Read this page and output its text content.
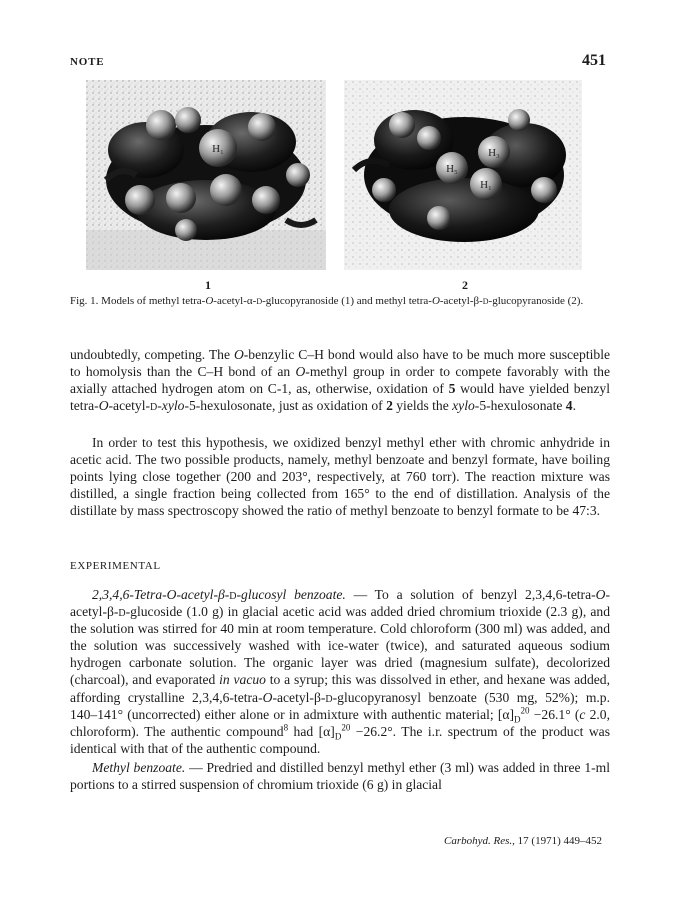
NOTE	451
H₁	H₃
H₅
H₁
1	2
Fig. 1. Models of methyl tetra-O-acetyl-α-d-glucopyranoside (1) and methyl tetra-O-acetyl-β-d-glucopyranoside (2).

undoubtedly, competing. The O-benzylic C–H bond would also have to be much more susceptible to homolysis than the C–H bond of an O-methyl group in order to compete favorably with the axially attached hydrogen atom on C-1, as, otherwise, oxidation of 5 would have yielded benzyl tetra-O-acetyl-d-xylo-5-hexulosonate, just as oxidation of 2 yields the xylo-5-hexulosonate 4.

In order to test this hypothesis, we oxidized benzyl methyl ether with chromic anhydride in acetic acid. The two possible products, namely, methyl benzoate and benzyl formate, have boiling points lying close together (200 and 203°, respectively, at 760 torr). The reaction mixture was distilled, a single fraction being collected from 165° to the end of distillation. Analysis of the distillate by mass spectroscopy showed the ratio of methyl benzoate to benzyl formate to be 47:3.

EXPERIMENTAL

2,3,4,6-Tetra-O-acetyl-β-d-glucosyl benzoate. — To a solution of benzyl 2,3,4,6-tetra-O-acetyl-β-d-glucoside (1.0 g) in glacial acetic acid was added dried chromium trioxide (2.3 g), and the solution was stirred for 40 min at room temperature. Cold chloroform (300 ml) was added, and the solution was successively washed with ice-water (twice), and saturated aqueous sodium hydrogen carbonate solution. The organic layer was dried (magnesium sulfate), decolorized (charcoal), and evaporated in vacuo to a syrup; this was dissolved in ether, and hexane was added, affording crystalline 2,3,4,6-tetra-O-acetyl-β-d-glucopyranosyl benzoate (530 mg, 52%); m.p. 140–141° (uncorrected) either alone or in admixture with authentic material; $[\alpha]_D^{20} -26.1^\circ$ (c 2.0, chloroform). The authentic compound$^8$ had $[\alpha]_D^{20} -26.2^\circ$. The i.r. spectrum of the product was identical with that of the authentic compound.

Methyl benzoate. — Predried and distilled benzyl methyl ether (3 ml) was added in three 1-ml portions to a stirred suspension of chromium trioxide (6 g) in glacial

Carbohyd. Res., 17 (1971) 449–452
